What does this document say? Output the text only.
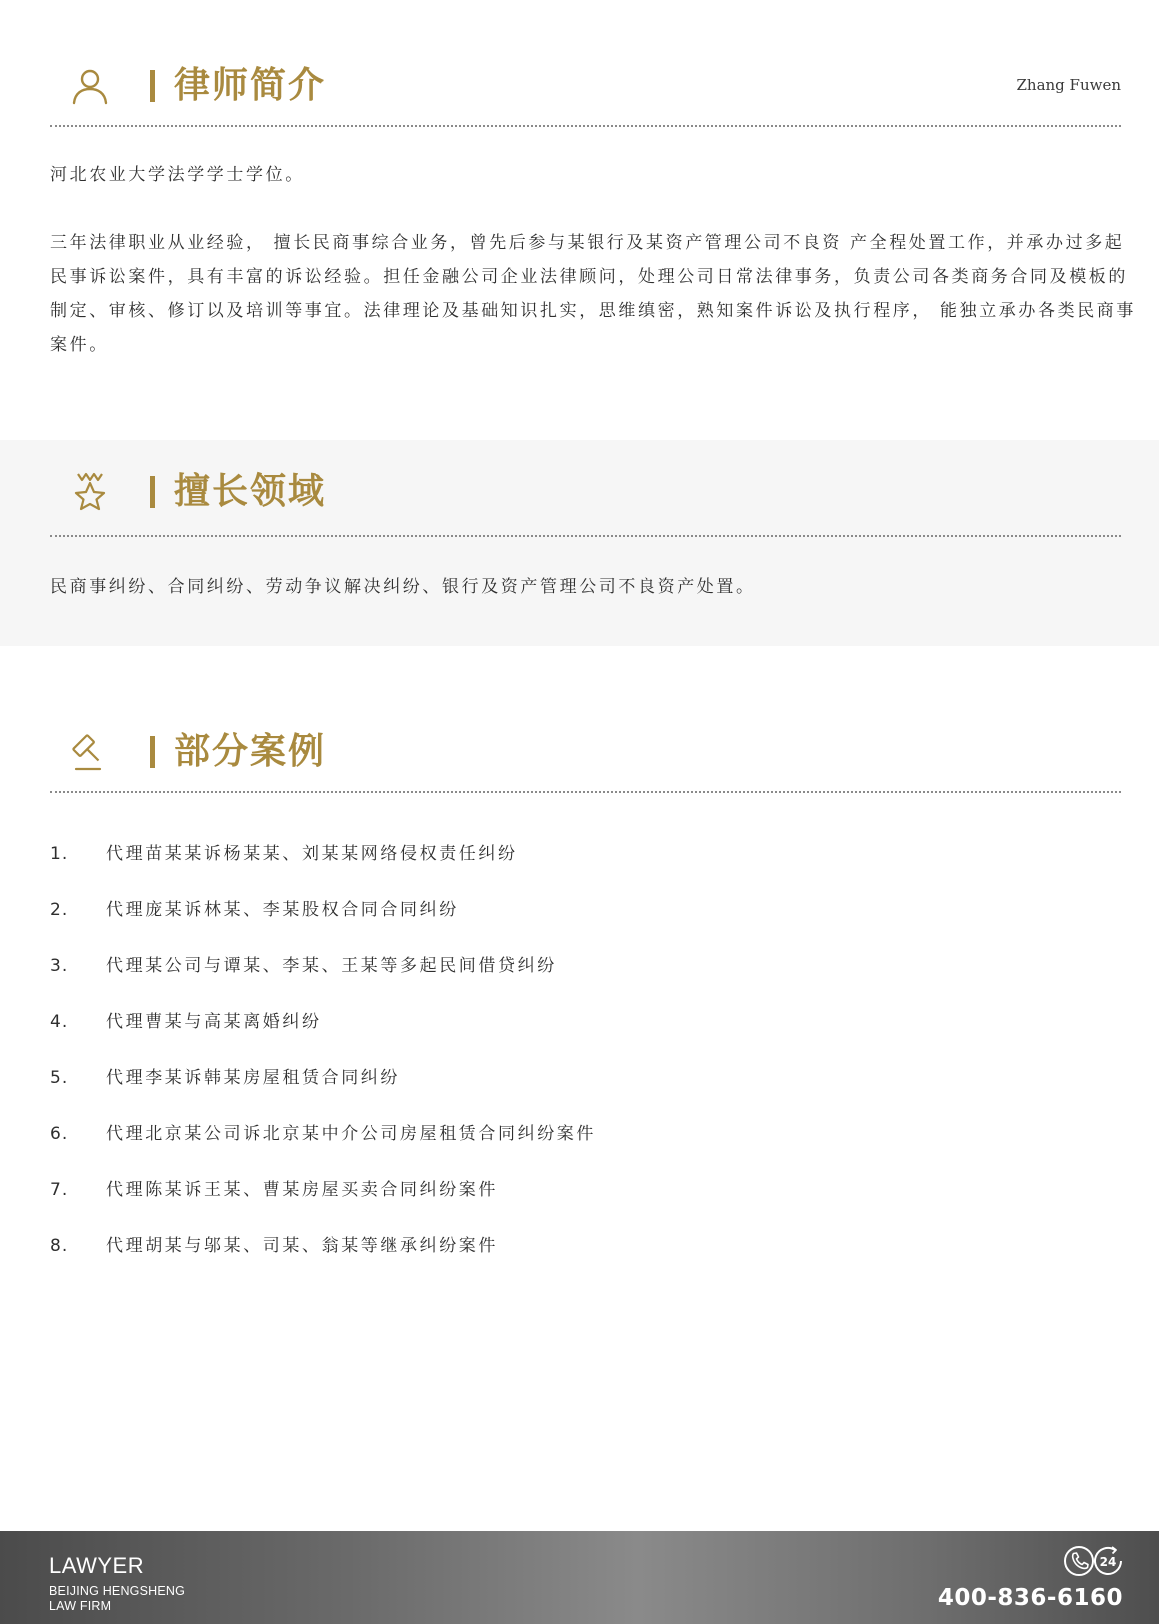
律师简介	Zhang Fuwen
河北农业大学法学学士学位。
三年法律职业从业经验， 擅长民商事综合业务，曾先后参与某银行及某资产管理公司不良资 产全程处置工作，并承办过多起民事诉讼案件，具有丰富的诉讼经验。担任金融公司企业法律顾问，处理公司日常法律事务，负责公司各类商务合同及模板的制定、审核、修订以及培训等事宜。法律理论及基础知识扎实，思维缜密，熟知案件诉讼及执行程序， 能独立承办各类民商事案件。
擅长领域
民商事纠纷、合同纠纷、劳动争议解决纠纷、银行及资产管理公司不良资产处置。
部分案例
1. 代理苗某某诉杨某某、刘某某网络侵权责任纠纷
2. 代理庞某诉林某、李某股权合同合同纠纷
3. 代理某公司与谭某、李某、王某等多起民间借贷纠纷
4. 代理曹某与高某离婚纠纷
5. 代理李某诉韩某房屋租赁合同纠纷
6. 代理北京某公司诉北京某中介公司房屋租赁合同纠纷案件
7. 代理陈某诉王某、曹某房屋买卖合同纠纷案件
8. 代理胡某与邬某、司某、翁某等继承纠纷案件
LAWYER
BEIJING HENGSHENG
LAW FIRM
24
400-836-6160
